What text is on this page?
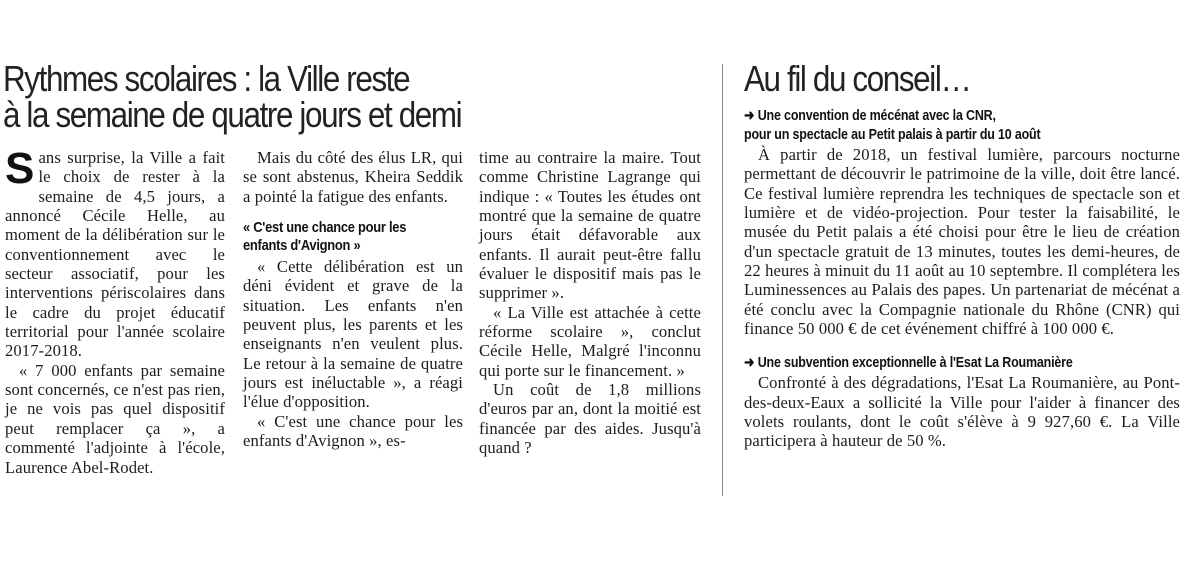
Rythmes scolaires : la Ville reste
à la semaine de quatre jours et demi

Sans surprise, la Ville a fait le choix de rester à la semaine de 4,5 jours, a annoncé Cécile Helle, au moment de la délibération sur le conventionnement avec le secteur associatif, pour les interventions périscolaires dans le cadre du projet éducatif territorial pour l'année scolaire 2017-2018.

« 7 000 enfants par semaine sont concernés, ce n'est pas rien, je ne vois pas quel dispositif peut remplacer ça », a commenté l'adjointe à l'école, Laurence Abel-Rodet.

Mais du côté des élus LR, qui se sont abstenus, Kheira Seddik a pointé la fatigue des enfants.

« C'est une chance pour les enfants d'Avignon »

« Cette délibération est un déni évident et grave de la situation. Les enfants n'en peuvent plus, les parents et les enseignants n'en veulent plus. Le retour à la semaine de quatre jours est inéluctable », a réagi l'élue d'opposition.

« C'est une chance pour les enfants d'Avignon », es-

time au contraire la maire. Tout comme Christine Lagrange qui indique : « Toutes les études ont montré que la semaine de quatre jours était défavorable aux enfants. Il aurait peut-être fallu évaluer le dispositif mais pas le supprimer ».

« La Ville est attachée à cette réforme scolaire », conclut Cécile Helle, Malgré l'inconnu qui porte sur le financement. »

Un coût de 1,8 millions d'euros par an, dont la moitié est financée par des aides. Jusqu'à quand ?

Au fil du conseil…
➜ Une convention de mécénat avec la CNR,
pour un spectacle au Petit palais à partir du 10 août

À partir de 2018, un festival lumière, parcours nocturne permettant de découvrir le patrimoine de la ville, doit être lancé. Ce festival lumière reprendra les techniques de spectacle son et lumière et de vidéo-projection. Pour tester la faisabilité, le musée du Petit palais a été choisi pour être le lieu de création d'un spectacle gratuit de 13 minutes, toutes les demi-heures, de 22 heures à minuit du 11 août au 10 septembre. Il complétera les Luminessences au Palais des papes. Un partenariat de mécénat a été conclu avec la Compagnie nationale du Rhône (CNR) qui finance 50 000 € de cet événement chiffré à 100 000 €.

➜ Une subvention exceptionnelle à l'Esat La Roumanière

Confronté à des dégradations, l'Esat La Roumanière, au Pont-des-deux-Eaux a sollicité la Ville pour l'aider à financer des volets roulants, dont le coût s'élève à 9 927,60 €. La Ville participera à hauteur de 50 %.
